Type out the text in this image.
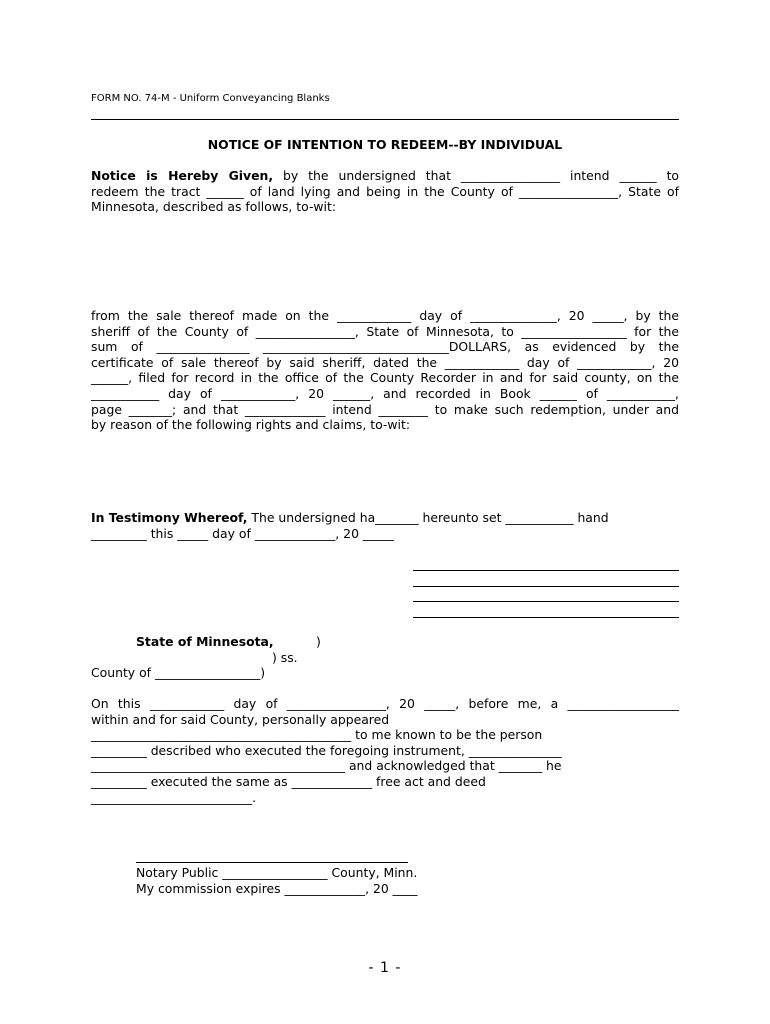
FORM NO. 74-M - Uniform Conveyancing Blanks
NOTICE OF INTENTION TO REDEEM--BY INDIVIDUAL
Notice is Hereby Given, by the undersigned that ________________ intend ______ to
redeem the tract ______ of land lying and being in the County of ________________, State of
Minnesota, described as follows, to-wit:
from the sale thereof made on the ____________ day of ______________, 20 _____, by the
sheriff of the County of ________________, State of Minnesota, to _________________ for the
sum of _______________ ______________________________DOLLARS, as evidenced by the
certificate of sale thereof by said sheriff, dated the ____________ day of ____________, 20
______, filed for record in the office of the County Recorder in and for said county, on the
___________ day of ____________, 20 ______, and recorded in Book ______ of ___________,
page _______; and that _____________ intend ________ to make such redemption, under and
by reason of the following rights and claims, to-wit:
In Testimony Whereof, The undersigned ha_______ hereunto set ___________ hand
_________ this _____ day of _____________, 20 _____
State of Minnesota,	)
) ss.
County of _________________)
On this ____________ day of ________________, 20 _____, before me, a __________________
within and for said County, personally appeared
__________________________________________ to me known to be the person
_________ described who executed the foregoing instrument, _______________
_________________________________________ and acknowledged that _______ he
_________ executed the same as _____________ free act and deed
__________________________.
Notary Public _________________ County, Minn.
My commission expires _____________, 20 ____
- 1 -
